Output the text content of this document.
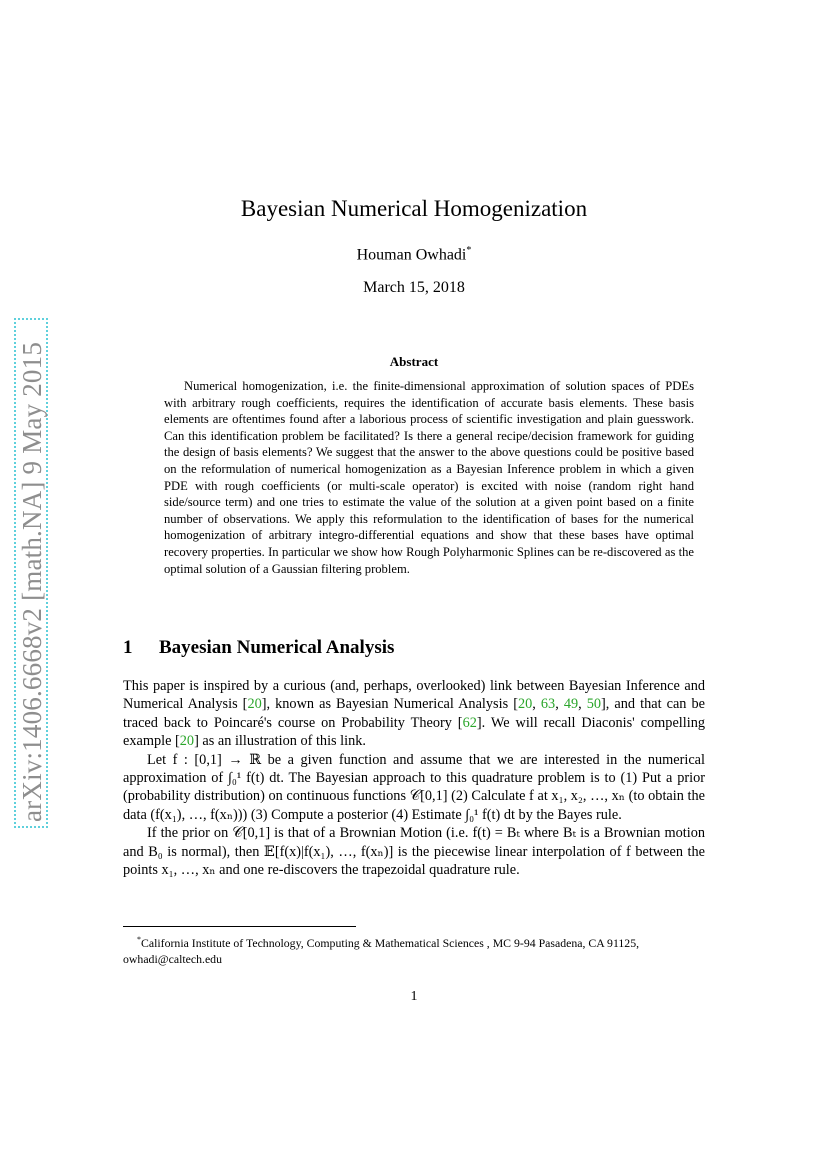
arXiv:1406.6668v2 [math.NA] 9 May 2015
Bayesian Numerical Homogenization
Houman Owhadi*
March 15, 2018
Abstract
Numerical homogenization, i.e. the finite-dimensional approximation of solution spaces of PDEs with arbitrary rough coefficients, requires the identification of accurate basis elements. These basis elements are oftentimes found after a laborious process of scientific investigation and plain guesswork. Can this identification problem be facilitated? Is there a general recipe/decision framework for guiding the design of basis elements? We suggest that the answer to the above questions could be positive based on the reformulation of numerical homogenization as a Bayesian Inference problem in which a given PDE with rough coefficients (or multi-scale operator) is excited with noise (random right hand side/source term) and one tries to estimate the value of the solution at a given point based on a finite number of observations. We apply this reformulation to the identification of bases for the numerical homogenization of arbitrary integro-differential equations and show that these bases have optimal recovery properties. In particular we show how Rough Polyharmonic Splines can be re-discovered as the optimal solution of a Gaussian filtering problem.
1 Bayesian Numerical Analysis

This paper is inspired by a curious (and, perhaps, overlooked) link between Bayesian Inference and Numerical Analysis [20], known as Bayesian Numerical Analysis [20, 63, 49, 50], and that can be traced back to Poincaré's course on Probability Theory [62]. We will recall Diaconis' compelling example [20] as an illustration of this link.

Let f : [0,1] → ℝ be a given function and assume that we are interested in the numerical approximation of ∫₀¹ f(t) dt. The Bayesian approach to this quadrature problem is to (1) Put a prior (probability distribution) on continuous functions 𝒞[0,1] (2) Calculate f at x₁, x₂, …, xₙ (to obtain the data (f(x₁), …, f(xₙ))) (3) Compute a posterior (4) Estimate ∫₀¹ f(t) dt by the Bayes rule.

If the prior on 𝒞[0,1] is that of a Brownian Motion (i.e. f(t) = Bₜ where Bₜ is a Brownian motion and B₀ is normal), then 𝔼[f(x)|f(x₁), …, f(xₙ)] is the piecewise linear interpolation of f between the points x₁, …, xₙ and one re-discovers the trapezoidal quadrature rule.

*California Institute of Technology, Computing & Mathematical Sciences , MC 9-94 Pasadena, CA 91125, owhadi@caltech.edu
1
